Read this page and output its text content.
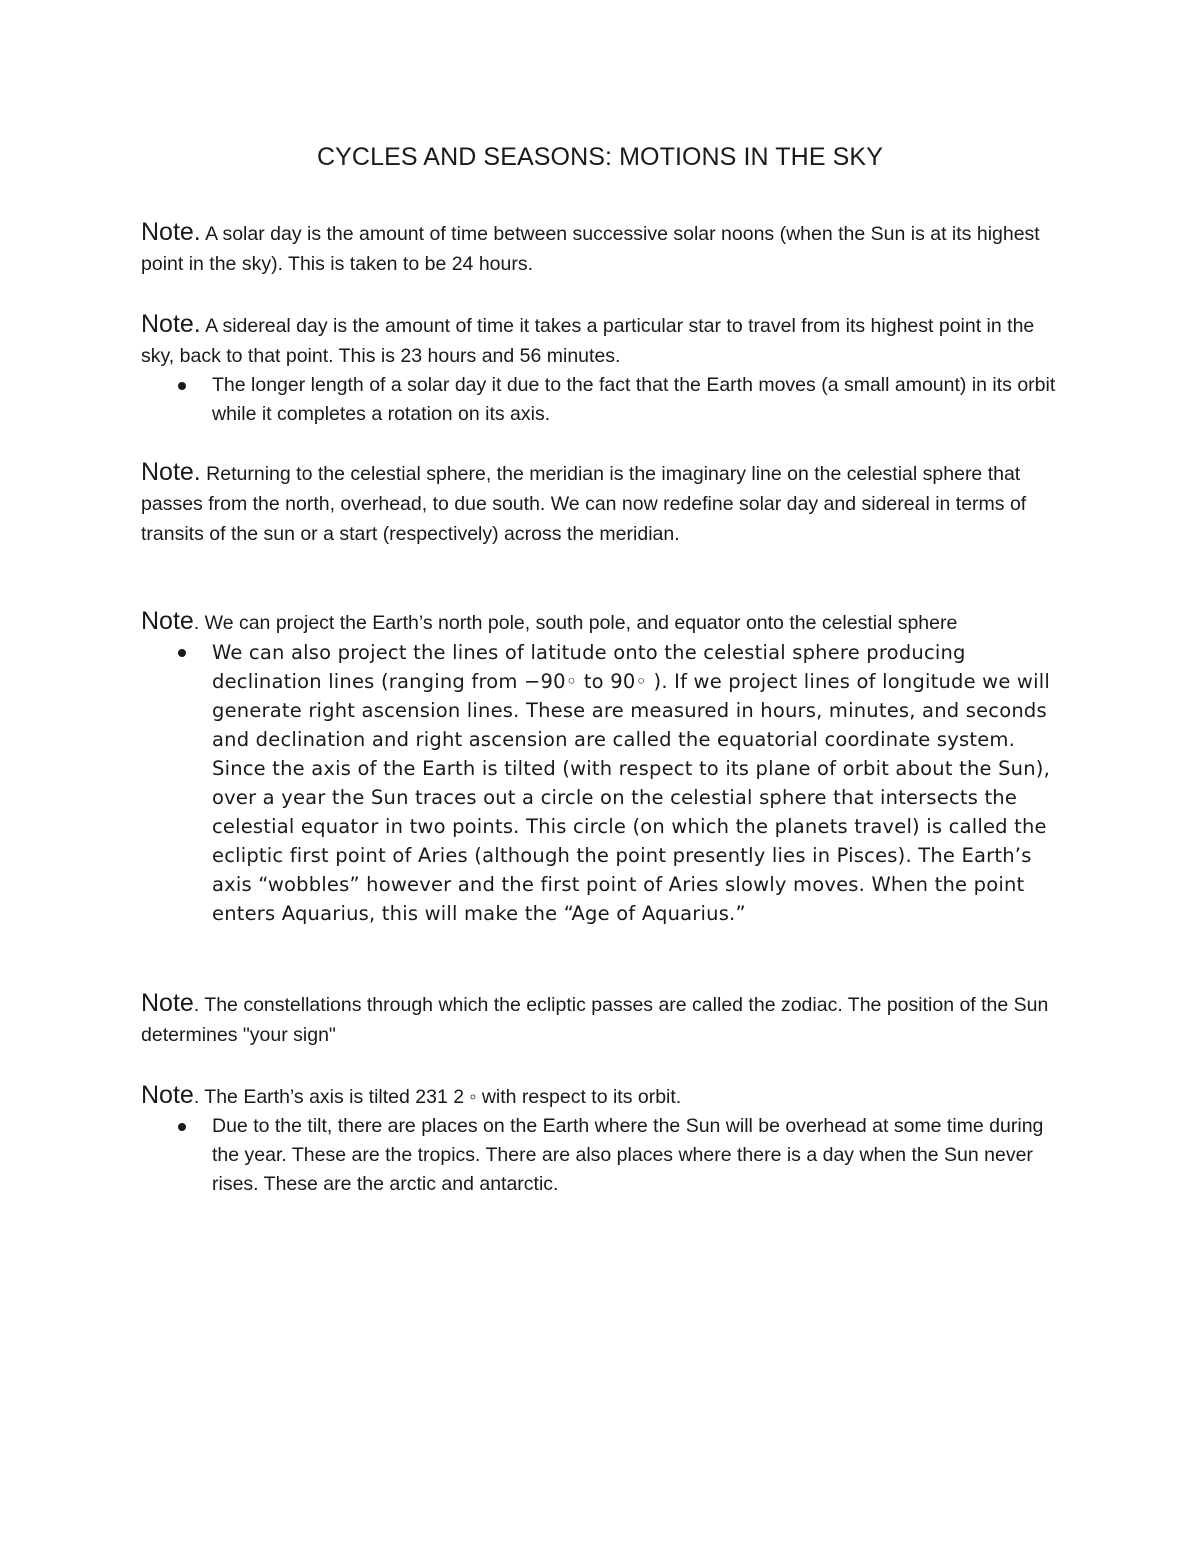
CYCLES AND SEASONS: MOTIONS IN THE SKY
Note. A solar day is the amount of time between successive solar noons (when the Sun is at its highest point in the sky). This is taken to be 24 hours.
Note. A sidereal day is the amount of time it takes a particular star to travel from its highest point in the sky, back to that point. This is 23 hours and 56 minutes.
The longer length of a solar day it due to the fact that the Earth moves (a small amount) in its orbit while it completes a rotation on its axis.
Note. Returning to the celestial sphere, the meridian is the imaginary line on the celestial sphere that passes from the north, overhead, to due south. We can now redefine solar day and sidereal in terms of transits of the sun or a start (respectively) across the meridian.
Note. We can project the Earth’s north pole, south pole, and equator onto the celestial sphere
We can also project the lines of latitude onto the celestial sphere producing declination lines (ranging from −90◦ to 90◦ ). If we project lines of longitude we will generate right ascension lines. These are measured in hours, minutes, and seconds and declination and right ascension are called the equatorial coordinate system. Since the axis of the Earth is tilted (with respect to its plane of orbit about the Sun), over a year the Sun traces out a circle on the celestial sphere that intersects the celestial equator in two points. This circle (on which the planets travel) is called the ecliptic first point of Aries (although the point presently lies in Pisces). The Earth’s axis “wobbles” however and the first point of Aries slowly moves. When the point enters Aquarius, this will make the “Age of Aquarius.”
Note. The constellations through which the ecliptic passes are called the zodiac. The position of the Sun determines "your sign"
Note. The Earth’s axis is tilted 231 2 ◦ with respect to its orbit.
Due to the tilt, there are places on the Earth where the Sun will be overhead at some time during the year. These are the tropics. There are also places where there is a day when the Sun never rises. These are the arctic and antarctic.
